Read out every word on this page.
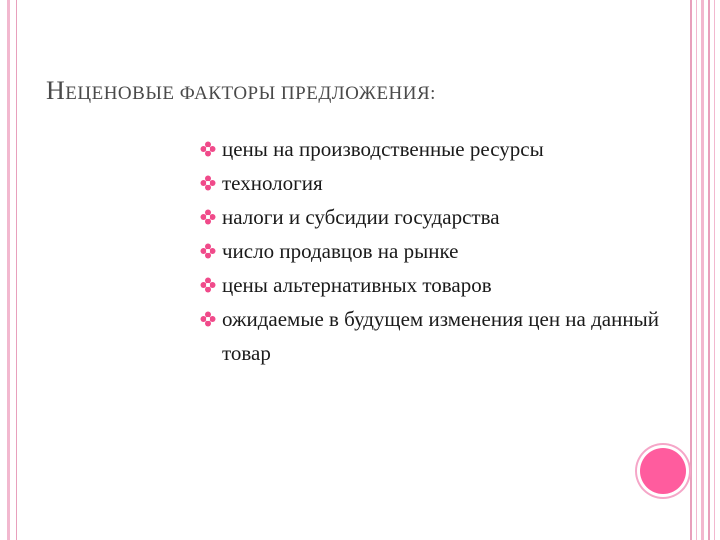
НЕЦЕНОВЫЕ ФАКТОРЫ ПРЕДЛОЖЕНИЯ:
цены на производственные ресурсы
технология
налоги и субсидии государства
число продавцов на рынке
цены альтернативных товаров
ожидаемые в будущем изменения цен на данный товар
